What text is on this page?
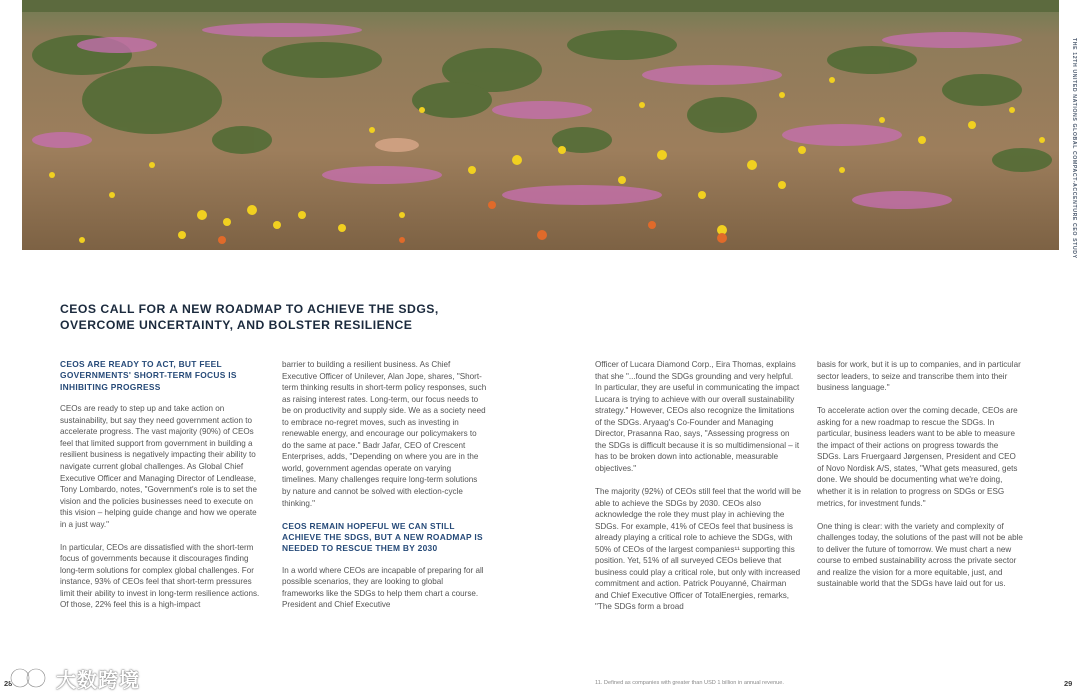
THE 12TH UNITED NATIONS GLOBAL COMPACT-ACCENTURE CEO STUDY
CEOS CALL FOR A NEW ROADMAP TO ACHIEVE THE SDGS,
OVERCOME UNCERTAINTY, AND BOLSTER RESILIENCE
CEOS ARE READY TO ACT, BUT FEEL GOVERNMENTS' SHORT-TERM FOCUS IS INHIBITING PROGRESS

CEOs are ready to step up and take action on sustainability, but say they need government action to accelerate progress. The vast majority (90%) of CEOs feel that limited support from government in building a resilient business is negatively impacting their ability to navigate current global challenges. As Global Chief Executive Officer and Managing Director of Lendlease, Tony Lombardo, notes, "Government's role is to set the vision and the policies businesses need to execute on this vision – helping guide change and how we operate in a just way."

In particular, CEOs are dissatisfied with the short-term focus of governments because it discourages finding long-term solutions for complex global challenges. For instance, 93% of CEOs feel that short-term pressures limit their ability to invest in long-term resilience actions. Of those, 22% feel this is a high-impact

barrier to building a resilient business. As Chief Executive Officer of Unilever, Alan Jope, shares, "Short-term thinking results in short-term policy responses, such as raising interest rates. Long-term, our focus needs to be on productivity and supply side. We as a society need to embrace no-regret moves, such as investing in renewable energy, and encourage our policymakers to do the same at pace." Badr Jafar, CEO of Crescent Enterprises, adds, "Depending on where you are in the world, government agendas operate on varying timelines. Many challenges require long-term solutions by nature and cannot be solved with election-cycle thinking."

CEOS REMAIN HOPEFUL WE CAN STILL ACHIEVE THE SDGS, BUT A NEW ROADMAP IS NEEDED TO RESCUE THEM BY 2030

In a world where CEOs are incapable of preparing for all possible scenarios, they are looking to global frameworks like the SDGs to help them chart a course. President and Chief Executive

Officer of Lucara Diamond Corp., Eira Thomas, explains that she "...found the SDGs grounding and very helpful. In particular, they are useful in communicating the impact Lucara is trying to achieve with our overall sustainability strategy." However, CEOs also recognize the limitations of the SDGs. Aryaag's Co-Founder and Managing Director, Prasanna Rao, says, "Assessing progress on the SDGs is difficult because it is so multidimensional – it has to be broken down into actionable, measurable objectives."

The majority (92%) of CEOs still feel that the world will be able to achieve the SDGs by 2030. CEOs also acknowledge the role they must play in achieving the SDGs. For example, 41% of CEOs feel that business is already playing a critical role to achieve the SDGs, with 50% of CEOs of the largest companies¹¹ supporting this position. Yet, 51% of all surveyed CEOs believe that business could play a critical role, but only with increased commitment and action. Patrick Pouyanné, Chairman and Chief Executive Officer of TotalEnergies, remarks, "The SDGs form a broad

basis for work, but it is up to companies, and in particular sector leaders, to seize and transcribe them into their business language."

To accelerate action over the coming decade, CEOs are asking for a new roadmap to rescue the SDGs. In particular, business leaders want to be able to measure the impact of their actions on progress towards the SDGs. Lars Fruergaard Jørgensen, President and CEO of Novo Nordisk A/S, states, "What gets measured, gets done. We should be documenting what we're doing, whether it is in relation to progress on SDGs or ESG metrics, for investment funds."

One thing is clear: with the variety and complexity of challenges today, the solutions of the past will not be able to deliver the future of tomorrow. We must chart a new course to embed sustainability across the private sector and realize the vision for a more equitable, just, and sustainable world that the SDGs have laid out for us.

11. Defined as companies with greater than USD 1 billion in annual revenue.
28	29
大数跨境
